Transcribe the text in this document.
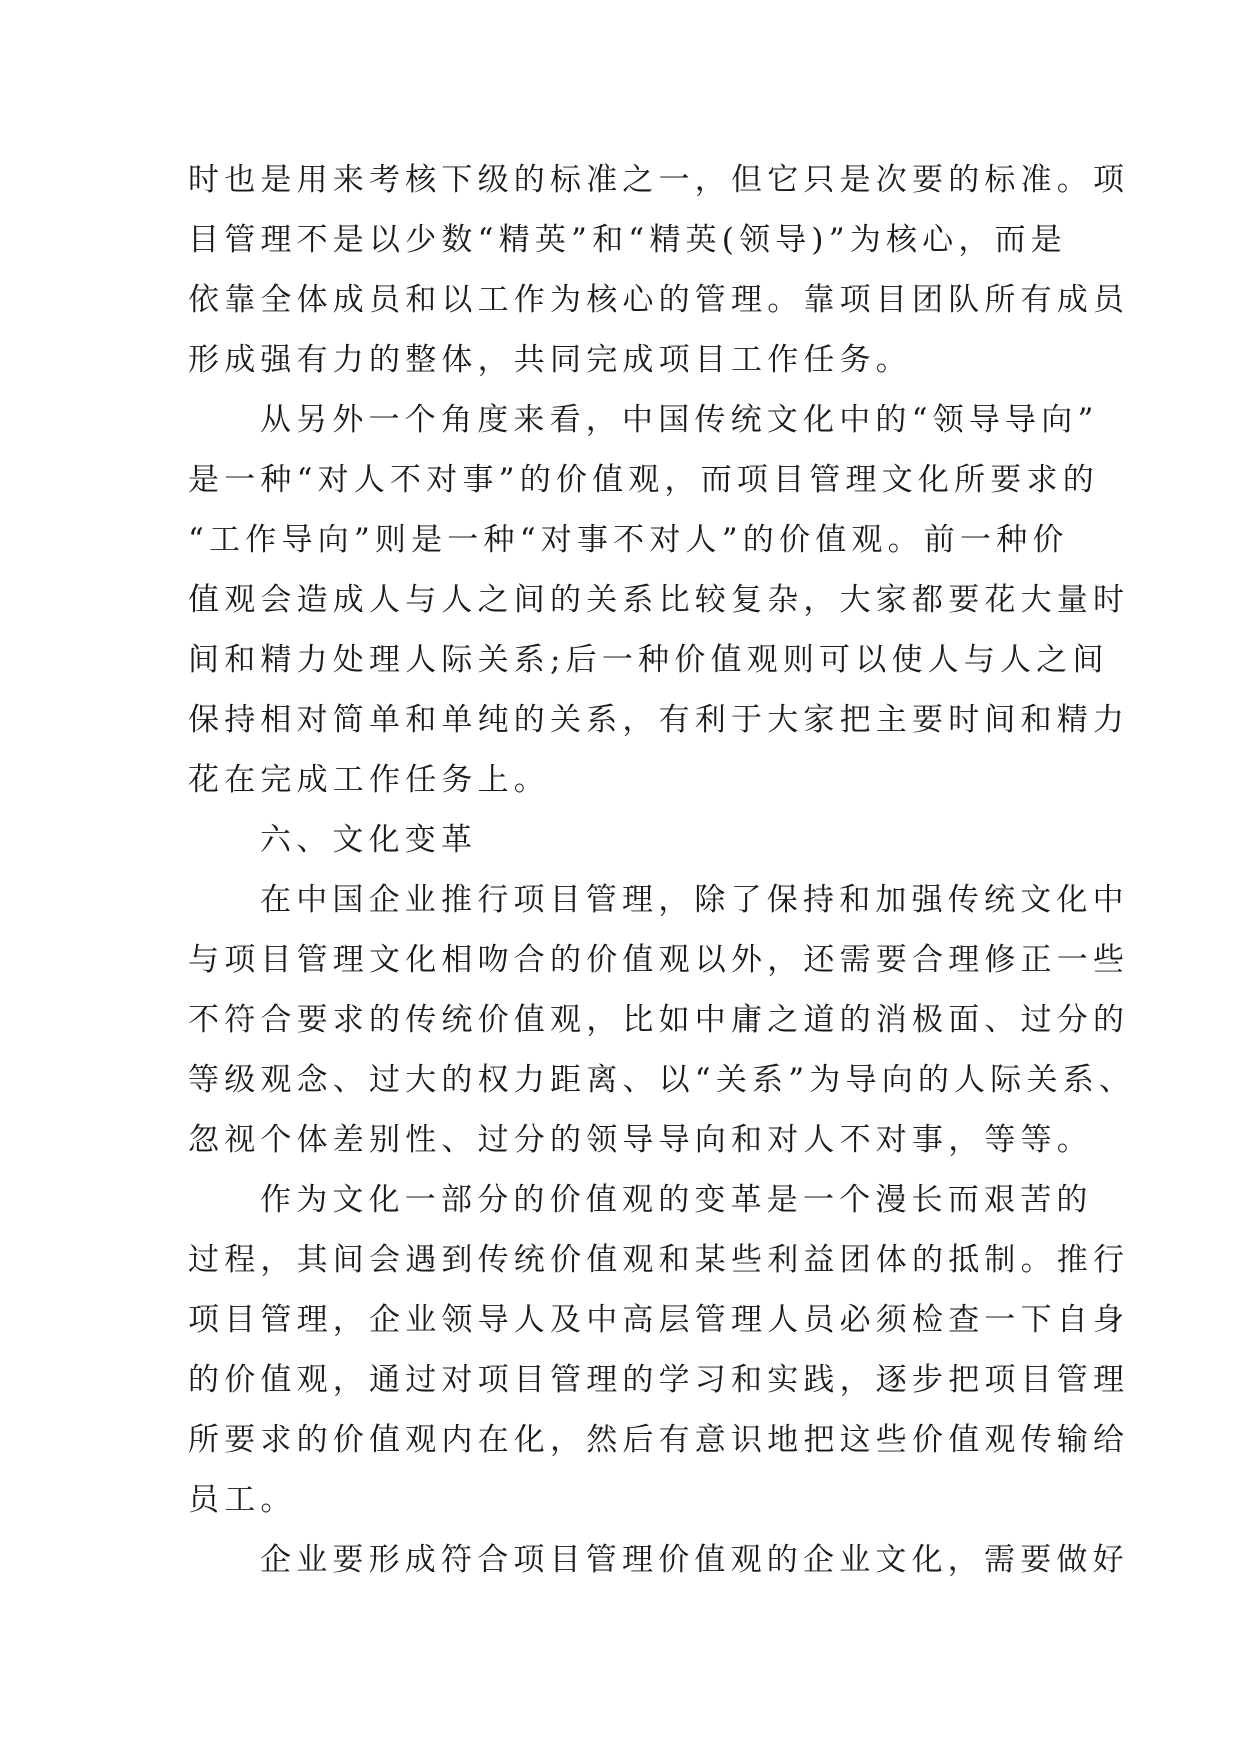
时也是用来考核下级的标准之一，但它只是次要的标准。项
目管理不是以少数“精英”和“精英(领导)”为核心，而是
依靠全体成员和以工作为核心的管理。靠项目团队所有成员
形成强有力的整体，共同完成项目工作任务。
从另外一个角度来看，中国传统文化中的“领导导向”
是一种“对人不对事”的价值观，而项目管理文化所要求的
“工作导向”则是一种“对事不对人”的价值观。前一种价
值观会造成人与人之间的关系比较复杂，大家都要花大量时
间和精力处理人际关系;后一种价值观则可以使人与人之间
保持相对简单和单纯的关系，有利于大家把主要时间和精力
花在完成工作任务上。
六、文化变革
在中国企业推行项目管理，除了保持和加强传统文化中
与项目管理文化相吻合的价值观以外，还需要合理修正一些
不符合要求的传统价值观，比如中庸之道的消极面、过分的
等级观念、过大的权力距离、以“关系”为导向的人际关系、
忽视个体差别性、过分的领导导向和对人不对事，等等。
作为文化一部分的价值观的变革是一个漫长而艰苦的
过程，其间会遇到传统价值观和某些利益团体的抵制。推行
项目管理，企业领导人及中高层管理人员必须检查一下自身
的价值观，通过对项目管理的学习和实践，逐步把项目管理
所要求的价值观内在化，然后有意识地把这些价值观传输给
员工。
企业要形成符合项目管理价值观的企业文化，需要做好
